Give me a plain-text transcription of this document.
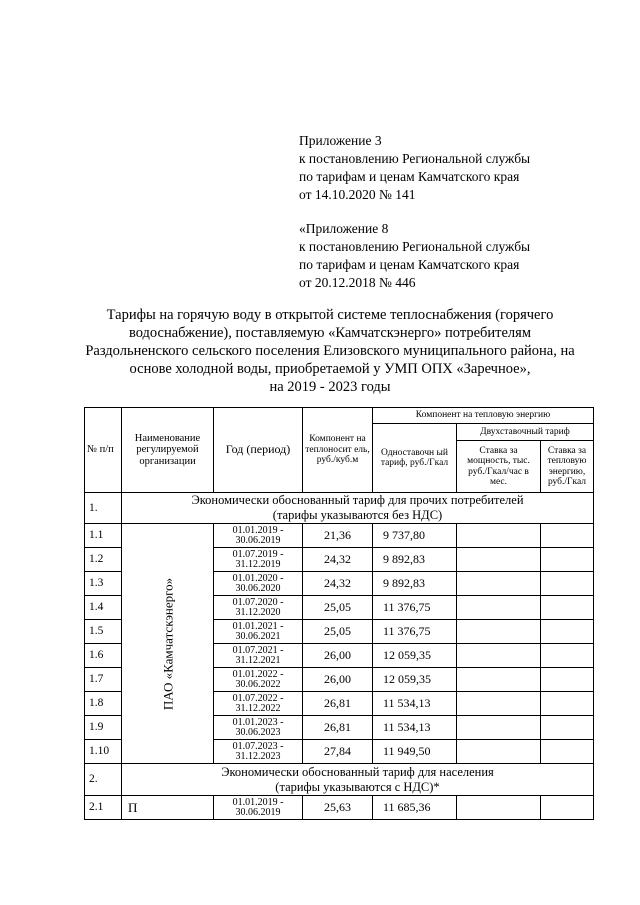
Приложение 3

к постановлению Региональной службы

по тарифам и ценам Камчатского края

от 14.10.2020 № 141

«Приложение 8

к постановлению Региональной службы

по тарифам и ценам Камчатского края

от 20.12.2018 № 446

Тарифы на горячую воду в открытой системе теплоснабжения (горячего

водоснабжение), поставляемую «Камчатскэнерго» потребителям

Раздольненского сельского поселения Елизовского муниципального района, на

основе холодной воды, приобретаемой у УМП ОПХ «Заречное»,

на 2019 - 2023 годы

№ п/п	Наименование регулируемой организации	Год (период)	Компонент на теплоносит ель, руб./куб.м	Компонент на тепловую энергию		
				Одноставочн ый тариф, руб./Гкал	Двухставочный тариф	
					Ставка за мощность, тыс. руб./Гкал/час в мес.	Ставка за тепловую энергию, руб./Гкал
1.	Экономически обоснованный тариф для прочих потребителей

(тарифы указываются без НДС)					

1.1	ПАО «Камчатскэнерго»	01.01.2019 -
30.06.2019	21,36	9 737,80		
1.2		01.07.2019 -
31.12.2019	24,32	9 892,83		
1.3		01.01.2020 -
30.06.2020	24,32	9 892,83		
1.4		01.07.2020 -
31.12.2020	25,05	11 376,75		
1.5		01.01.2021 -
30.06.2021	25,05	11 376,75		
1.6		01.07.2021 -
31.12.2021	26,00	12 059,35		
1.7		01.01.2022 -
30.06.2022	26,00	12 059,35		
1.8		01.07.2022 -
31.12.2022	26,81	11 534,13		
1.9		01.01.2023 -
30.06.2023	26,81	11 534,13		
1.10		01.07.2023 -
31.12.2023	27,84	11 949,50		
2.	Экономически обоснованный тариф для населения

(тарифы указываются с НДС)*					

2.1	П	01.01.2019 -
30.06.2019	25,63	11 685,36		
